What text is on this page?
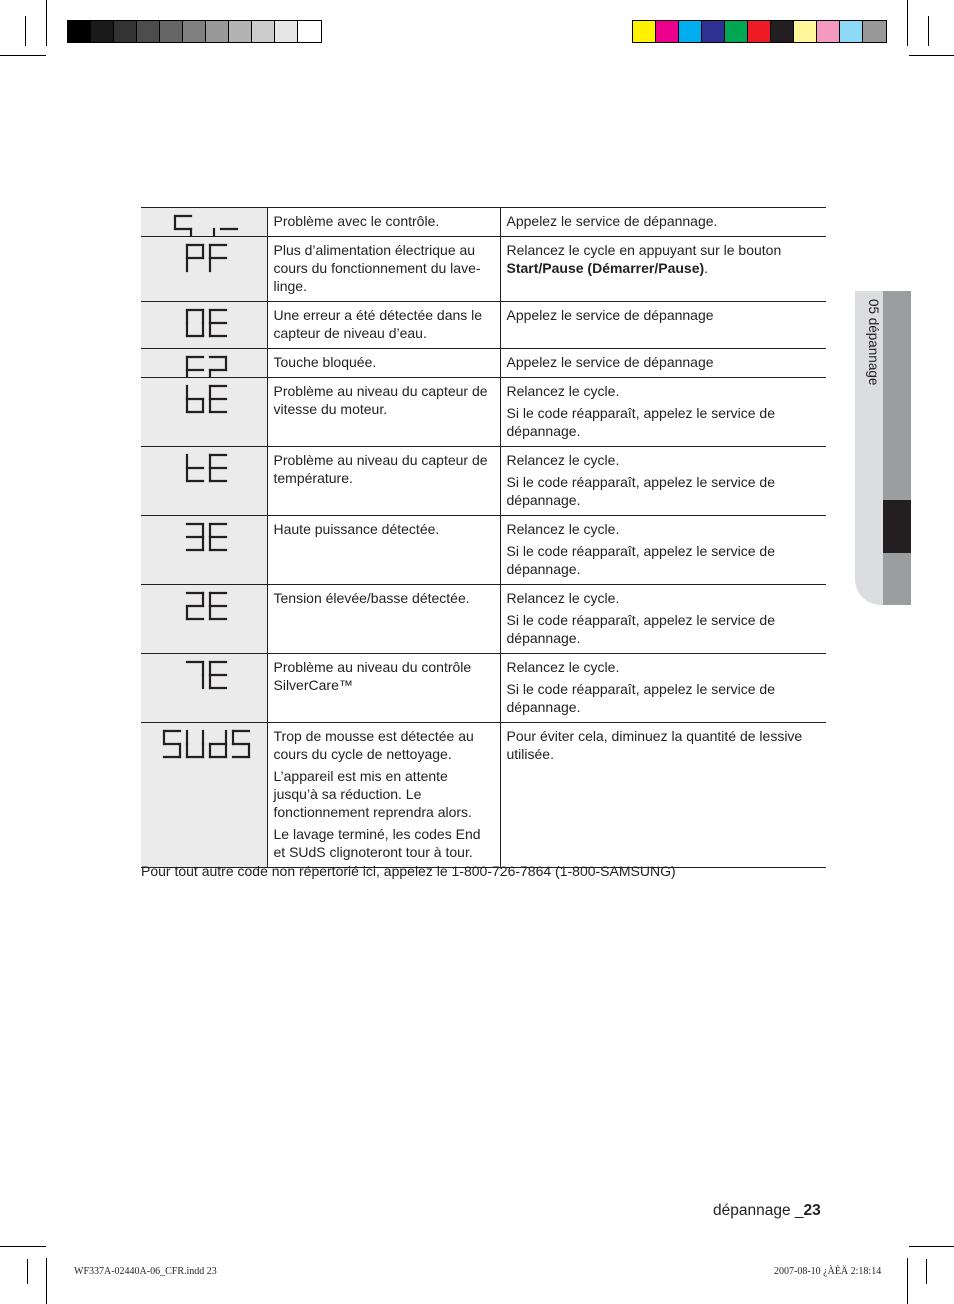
05 dépannage

Problème avec le contrôle.	Appelez le service de dépannage.

Plus d’alimentation électrique au cours du fonctionnement du lave-linge.	Relancez le cycle en appuyant sur le bouton
Start/Pause (Démarrer/Pause).

Une erreur a été détectée dans le capteur de niveau d’eau.	Appelez le service de dépannage

Touche bloquée.	Appelez le service de dépannage

Problème au niveau du capteur de vitesse du moteur.	Relancez le cycle.

Si le code réapparaît, appelez le service de dépannage.

Problème au niveau du capteur de température.	Relancez le cycle.

Si le code réapparaît, appelez le service de dépannage.

Haute puissance détectée.	Relancez le cycle.

Si le code réapparaît, appelez le service de dépannage.

Tension élevée/basse détectée.	Relancez le cycle.

Si le code réapparaît, appelez le service de dépannage.

Problème au niveau du contrôle SilverCare™	Relancez le cycle.

Si le code réapparaît, appelez le service de dépannage.

Trop de mousse est détectée au cours du cycle de nettoyage.

L’appareil est mis en attente jusqu’à sa réduction. Le fonctionnement reprendra alors.

Le lavage terminé, les codes End et SUdS clignoteront tour à tour.	Pour éviter cela, diminuez la quantité de lessive utilisée.

Pour tout autre code non répertorié ici, appelez le 1-800-726-7864 (1-800-SAMSUNG)
dépannage _23
WF337A-02440A-06_CFR.indd 23	2007-08-10 ¿ÀÈÄ 2:18:14
